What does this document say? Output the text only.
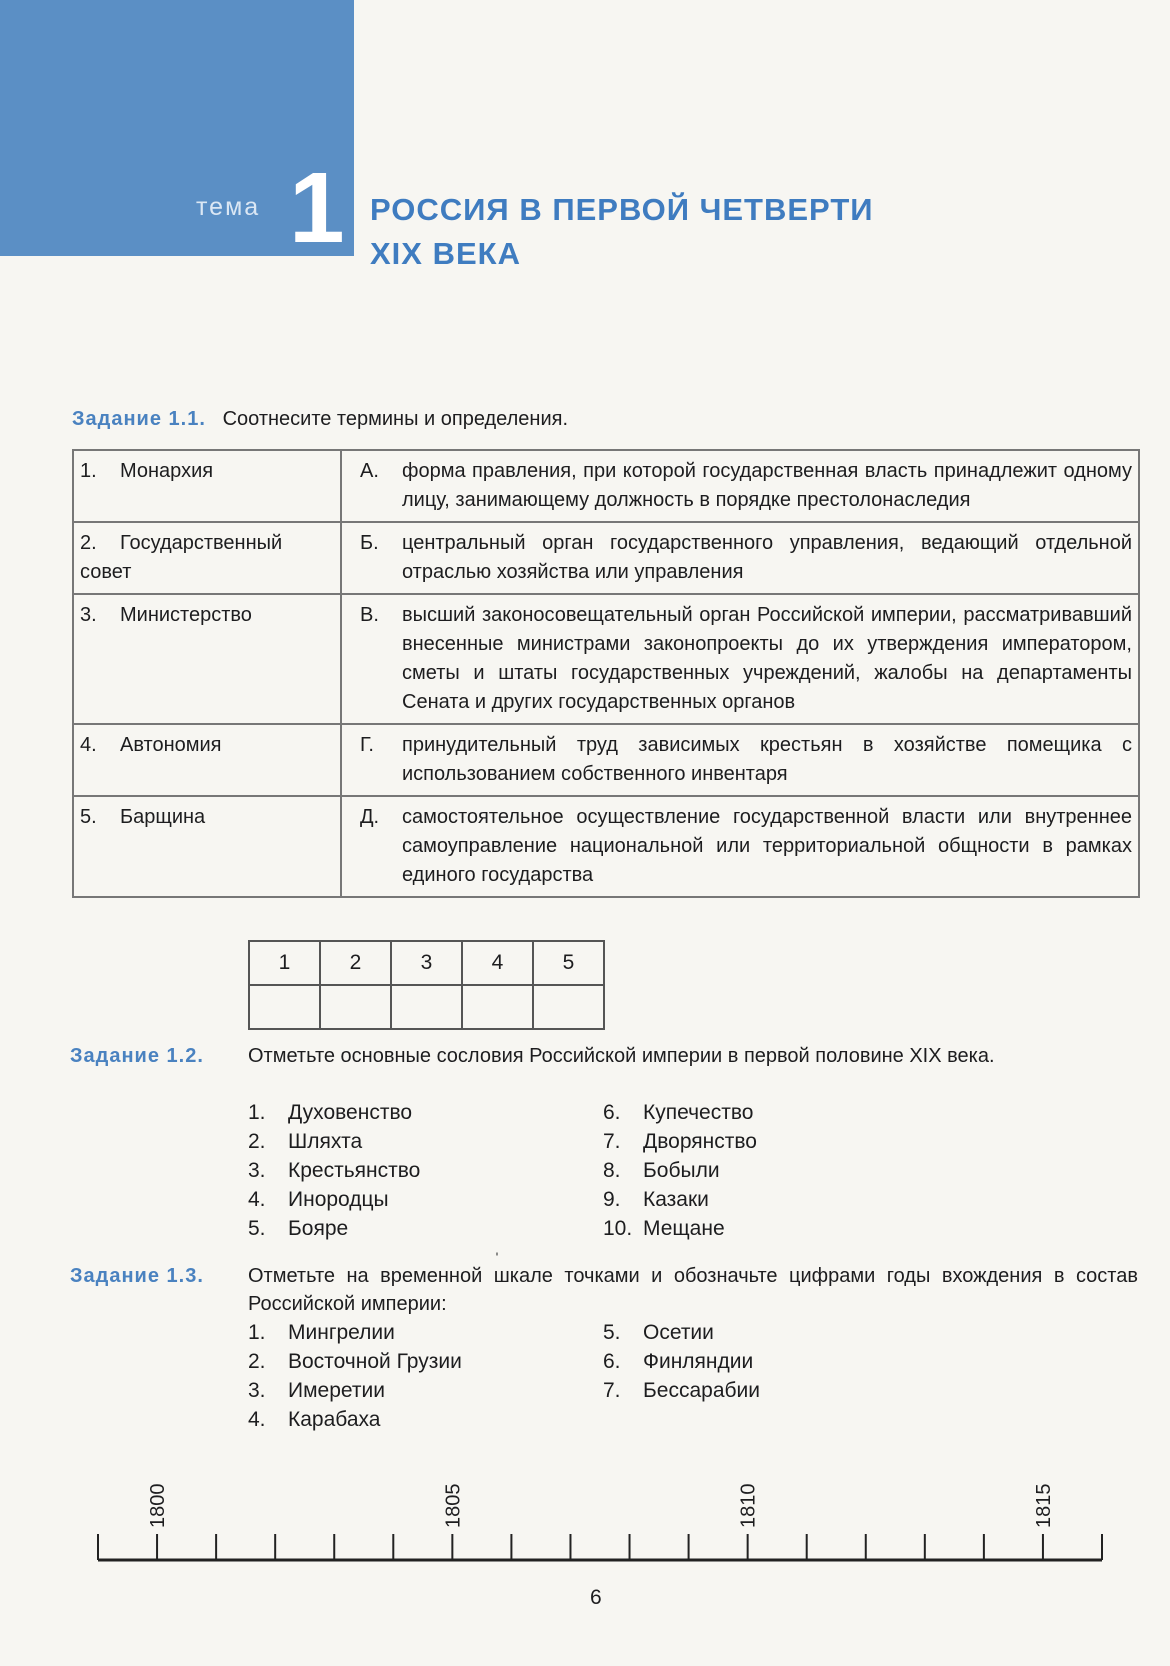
тема 1 РОССИЯ В ПЕРВОЙ ЧЕТВЕРТИ
XIX ВЕКА
Задание 1.1. Соотнесите термины и определения.
1. Монархия	А. форма правления, при которой государственная власть принадлежит одному лицу, занимающему должность в порядке престолонаследия
2. Государственный совет	Б. центральный орган государственного управления, ведающий отдельной отраслью хозяйства или управления
3. Министерство	В. высший законосовещательный орган Российской империи, рассматривавший внесенные министрами законопроекты до их утверждения императором, сметы и штаты государственных учреждений, жалобы на департаменты Сената и других государственных органов
4. Автономия	Г. принудительный труд зависимых крестьян в хозяйстве помещика с использованием собственного инвентаря
5. Барщина	Д. самостоятельное осуществление государственной власти или внутреннее самоуправление национальной или территориальной общности в рамках единого государства
1	2	3	4	5

Задание 1.2. Отметьте основные сословия Российской империи в первой половине XIX века.
1. Духовенство
2. Шляхта
3. Крестьянство
4. Инородцы
5. Бояре
6. Купечество
7. Дворянство
8. Бобыли
9. Казаки
10. Мещане
ˈ
Задание 1.3. Отметьте на временной шкале точками и обозначьте цифрами годы вхождения в состав Российской империи:
1. Мингрелии
2. Восточной Грузии
3. Имеретии
4. Карабаха
5. Осетии
6. Финляндии
7. Бессарабии
1800	1805	1810	1815
6
